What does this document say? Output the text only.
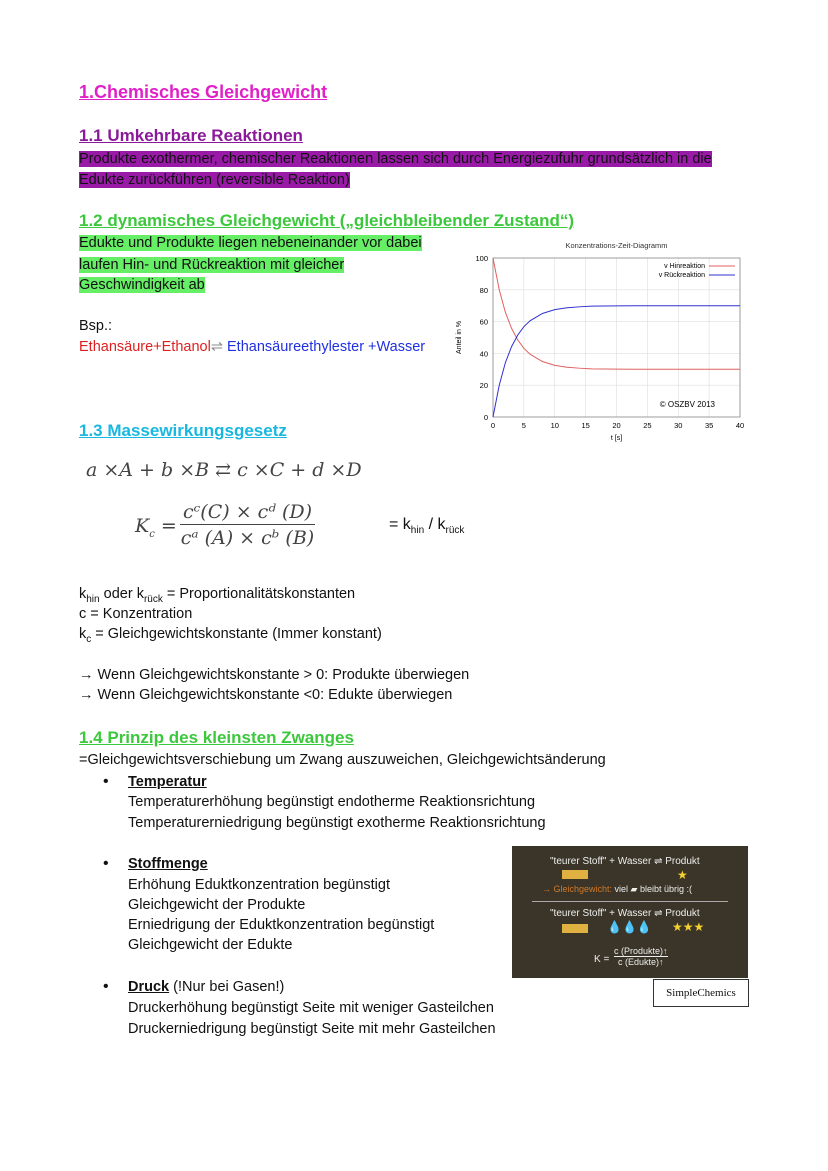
1.Chemisches Gleichgewicht
1.1 Umkehrbare Reaktionen
Produkte exothermer, chemischer Reaktionen lassen sich durch Energiezufuhr grundsätzlich in die
Edukte zurückführen (reversible Reaktion)
1.2 dynamisches Gleichgewicht („gleichbleibender Zustand“)
Edukte und Produkte liegen nebeneinander vor dabei
laufen Hin- und Rückreaktion mit gleicher
Geschwindigkeit ab
Bsp.:
Ethansäure+Ethanol⇌ Ethansäureethylester +Wasser
Konzentrations-Zeit-Diagramm
0	5	10	15	20	25	30	35	40
0
20
40
60
80
100
t [s]
Anteil in %
v Hinreaktion
v Rückreaktion
© OSZBV 2013
1.3 Massewirkungsgesetz
a ×A + b ×B ⇄ c ×C + d ×D
$K_c = \frac{\text{cᶜ(C) × cᵈ (D)}}{\text{cᵃ (A) × cᵇ (B)}}$	= $k_{hin} / k_{rück}$
$k_{hin}$ oder $k_{rück}$ = Proportionalitätskonstanten
c = Konzentration
$k_c$ = Gleichgewichtskonstante (Immer konstant)
→ Wenn Gleichgewichtskonstante > 0: Produkte überwiegen
→ Wenn Gleichgewichtskonstante <0: Edukte überwiegen
1.4 Prinzip des kleinsten Zwanges
=Gleichgewichtsverschiebung um Zwang auszuweichen, Gleichgewichtsänderung
• Temperatur
Temperaturerhöhung begünstigt endotherme Reaktionsrichtung
Temperaturerniedrigung begünstigt exotherme Reaktionsrichtung
• Stoffmenge
Erhöhung Eduktkonzentration begünstigt
Gleichgewicht der Produkte
Erniedrigung der Eduktkonzentration begünstigt
Gleichgewicht der Edukte
• Druck (!Nur bei Gasen!)
Druckerhöhung begünstigt Seite mit weniger Gasteilchen
Druckerniedrigung begünstigt Seite mit mehr Gasteilchen
"teurer Stoff" + Wasser ⇌ Produkt
★
→ Gleichgewicht: viel ▰ bleibt übrig :(
"teurer Stoff" + Wasser ⇌ Produkt
💧💧💧 ★★★
K =
c (Produkte)↑
c (Edukte)↑
SimpleChemics
